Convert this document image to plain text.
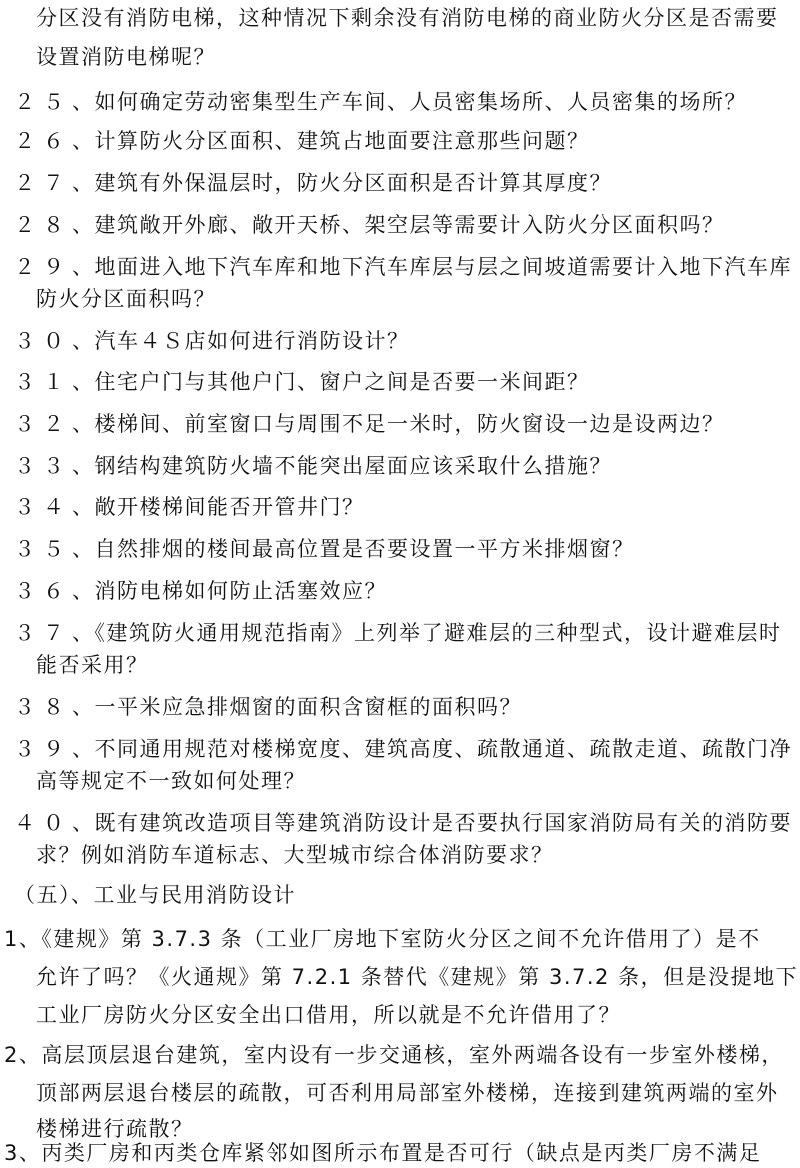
分区没有消防电梯，这种情况下剩余没有消防电梯的商业防火分区是否需要
设置消防电梯呢？
２５、如何确定劳动密集型生产车间、人员密集场所、人员密集的场所？
２６、计算防火分区面积、建筑占地面要注意那些问题？
２７、建筑有外保温层时，防火分区面积是否计算其厚度？
２８、建筑敞开外廊、敞开天桥、架空层等需要计入防火分区面积吗？
２９、地面进入地下汽车库和地下汽车库层与层之间坡道需要计入地下汽车库
防火分区面积吗？
３０、汽车４Ｓ店如何进行消防设计？
３１、住宅户门与其他户门、窗户之间是否要一米间距？
３２、楼梯间、前室窗口与周围不足一米时，防火窗设一边是设两边？
３３、钢结构建筑防火墙不能突出屋面应该采取什么措施？
３４、敞开楼梯间能否开管井门？
３５、自然排烟的楼间最高位置是否要设置一平方米排烟窗？
３６、消防电梯如何防止活塞效应？
３７、《建筑防火通用规范指南》上列举了避难层的三种型式，设计避难层时
能否采用？
３８、一平米应急排烟窗的面积含窗框的面积吗？
３９、不同通用规范对楼梯宽度、建筑高度、疏散通道、疏散走道、疏散门净
高等规定不一致如何处理？
４０、既有建筑改造项目等建筑消防设计是否要执行国家消防局有关的消防要
求？例如消防车道标志、大型城市综合体消防要求？
（五）、工业与民用消防设计
1、《建规》第 3.7.3 条（工业厂房地下室防火分区之间不允许借用了）是不
允许了吗？《火通规》第 7.2.1 条替代《建规》第 3.7.2 条，但是没提地下
工业厂房防火分区安全出口借用，所以就是不允许借用了？
2、高层顶层退台建筑，室内设有一步交通核，室外两端各设有一步室外楼梯，
顶部两层退台楼层的疏散，可否利用局部室外楼梯，连接到建筑两端的室外
楼梯进行疏散？
3、丙类厂房和丙类仓库紧邻如图所示布置是否可行（缺点是丙类厂房不满足
